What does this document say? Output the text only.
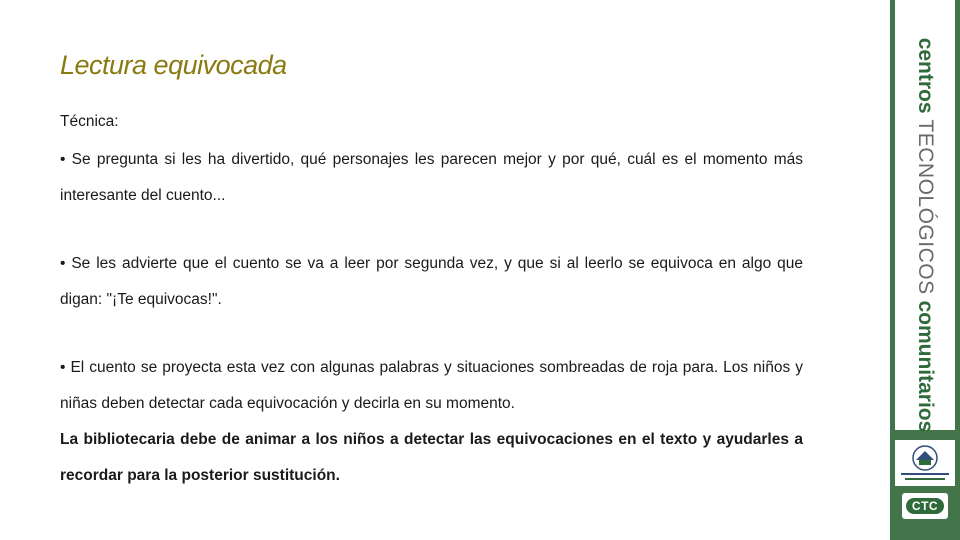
Lectura equivocada

Técnica:

• Se pregunta si les ha divertido, qué personajes les parecen mejor y por qué, cuál es el momento más interesante del cuento...

• Se les advierte que el cuento se va a leer por segunda vez, y que si al leerlo se equivoca en algo que digan: "¡Te equivocas!".

• El cuento se proyecta esta vez con algunas palabras y situaciones sombreadas de roja para. Los niños y niñas deben detectar cada equivocación y decirla en su momento.

La bibliotecaria debe de animar a los niños a detectar las equivocaciones en el texto y ayudarles a recordar para la posterior sustitución.

centros TECNOLÓGICOS comunitarios
CTC
